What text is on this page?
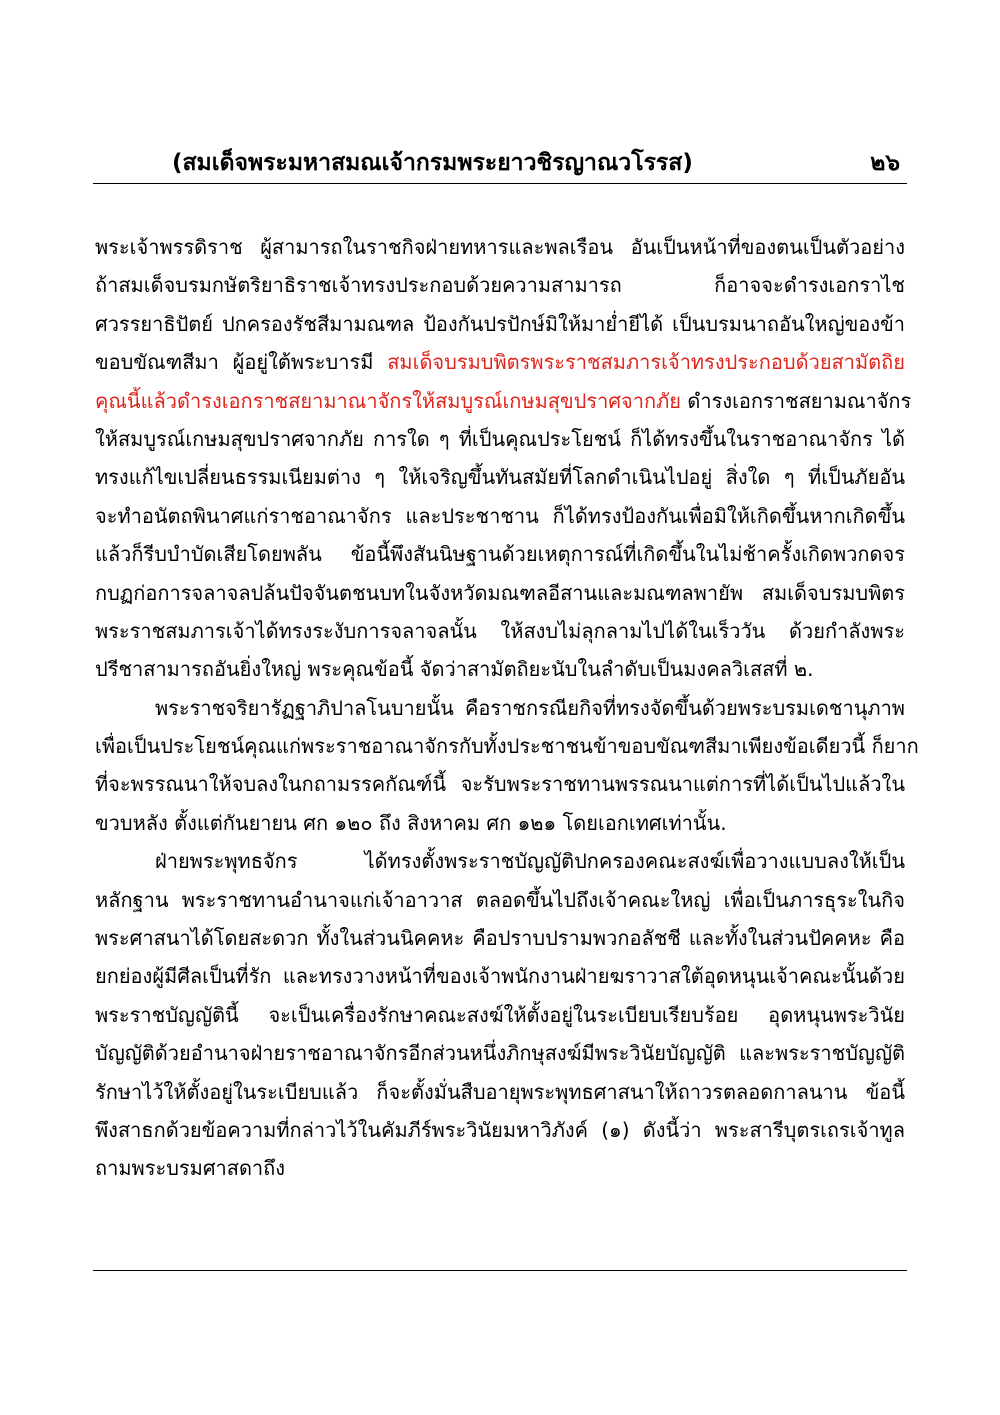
(สมเด็จพระมหาสมณเจ้ากรมพระยาวชิรญาณวโรรส)	๒๖
พระเจ้าพรรดิราช ผู้สามารถในราชกิจฝ่ายทหารและพลเรือน อันเป็นหน้าที่ของตนเป็นตัวอย่าง
ถ้าสมเด็จบรมกษัตริยาธิราชเจ้าทรงประกอบด้วยความสามารถ ก็อาจจะดำรงเอกราไช
ศวรรยาธิปัตย์ ปกครองรัชสีมามณฑล ป้องกันปรปักษ์มิให้มาย่ำยีได้ เป็นบรมนาถอันใหญ่ของข้า
ขอบขัณฑสีมา ผู้อยู่ใต้พระบารมี สมเด็จบรมบพิตรพระราชสมภารเจ้าทรงประกอบด้วยสามัตถิย
คุณนี้แล้วดำรงเอกราชสยามาณาจักรให้สมบูรณ์เกษมสุขปราศจากภัย ดำรงเอกราชสยามณาจักร
ให้สมบูรณ์เกษมสุขปราศจากภัย การใด ๆ ที่เป็นคุณประโยชน์ ก็ได้ทรงขึ้นในราชอาณาจักร ได้
ทรงแก้ไขเปลี่ยนธรรมเนียมต่าง ๆ ให้เจริญขึ้นทันสมัยที่โลกดำเนินไปอยู่ สิ่งใด ๆ ที่เป็นภัยอัน
จะทำอนัตถพินาศแก่ราชอาณาจักร และประชาชาน ก็ได้ทรงป้องกันเพื่อมิให้เกิดขึ้นหากเกิดขึ้น
แล้วก็รีบบำบัดเสียโดยพลัน ข้อนี้พึงสันนิษฐานด้วยเหตุการณ์ที่เกิดขึ้นในไม่ช้าครั้งเกิดพวกดจร
กบฏก่อการจลาจลปล้นปัจจันตชนบทในจังหวัดมณฑลอีสานและมณฑลพายัพ สมเด็จบรมบพิตร
พระราชสมภารเจ้าได้ทรงระงับการจลาจลนั้น ให้สงบไม่ลุกลามไปได้ในเร็ววัน ด้วยกำลังพระ
ปรีชาสามารถอันยิ่งใหญ่ พระคุณข้อนี้ จัดว่าสามัตถิยะนับในลำดับเป็นมงคลวิเสสที่ ๒.
พระราชจริยารัฏฐาภิปาลโนบายนั้น คือราชกรณียกิจที่ทรงจัดขึ้นด้วยพระบรมเดชานุภาพ
เพื่อเป็นประโยชน์คุณแก่พระราชอาณาจักรกับทั้งประชาชนข้าขอบขัณฑสีมาเพียงข้อเดียวนี้ ก็ยาก
ที่จะพรรณนาให้จบลงในกถามรรคกัณฑ์นี้ จะรับพระราชทานพรรณนาแต่การที่ได้เป็นไปแล้วใน
ขวบหลัง ตั้งแต่กันยายน ศก ๑๒๐ ถึง สิงหาคม ศก ๑๒๑ โดยเอกเทศเท่านั้น.
ฝ่ายพระพุทธจักร ได้ทรงตั้งพระราชบัญญัติปกครองคณะสงฆ์เพื่อวางแบบลงให้เป็น
หลักฐาน พระราชทานอำนาจแก่เจ้าอาวาส ตลอดขึ้นไปถึงเจ้าคณะใหญ่ เพื่อเป็นภารธุระในกิจ
พระศาสนาได้โดยสะดวก ทั้งในส่วนนิคคหะ คือปราบปรามพวกอลัชชี และทั้งในส่วนปัคคหะ คือ
ยกย่องผู้มีศีลเป็นที่รัก และทรงวางหน้าที่ของเจ้าพนักงานฝ่ายฆราวาสใต้อุดหนุนเจ้าคณะนั้นด้วย
พระราชบัญญัตินี้ จะเป็นเครื่องรักษาคณะสงฆ์ให้ตั้งอยู่ในระเบียบเรียบร้อย อุดหนุนพระวินัย
บัญญัติด้วยอำนาจฝ่ายราชอาณาจักรอีกส่วนหนึ่งภิกษุสงฆ์มีพระวินัยบัญญัติ และพระราชบัญญัติ
รักษาไว้ให้ตั้งอยู่ในระเบียบแล้ว ก็จะตั้งมั่นสืบอายุพระพุทธศาสนาให้ถาวรตลอดกาลนาน ข้อนี้
พึงสาธกด้วยข้อความที่กล่าวไว้ในคัมภีร์พระวินัยมหาวิภังค์ (๑) ดังนี้ว่า พระสารีบุตรเถรเจ้าทูล
ถามพระบรมศาสดาถึง
